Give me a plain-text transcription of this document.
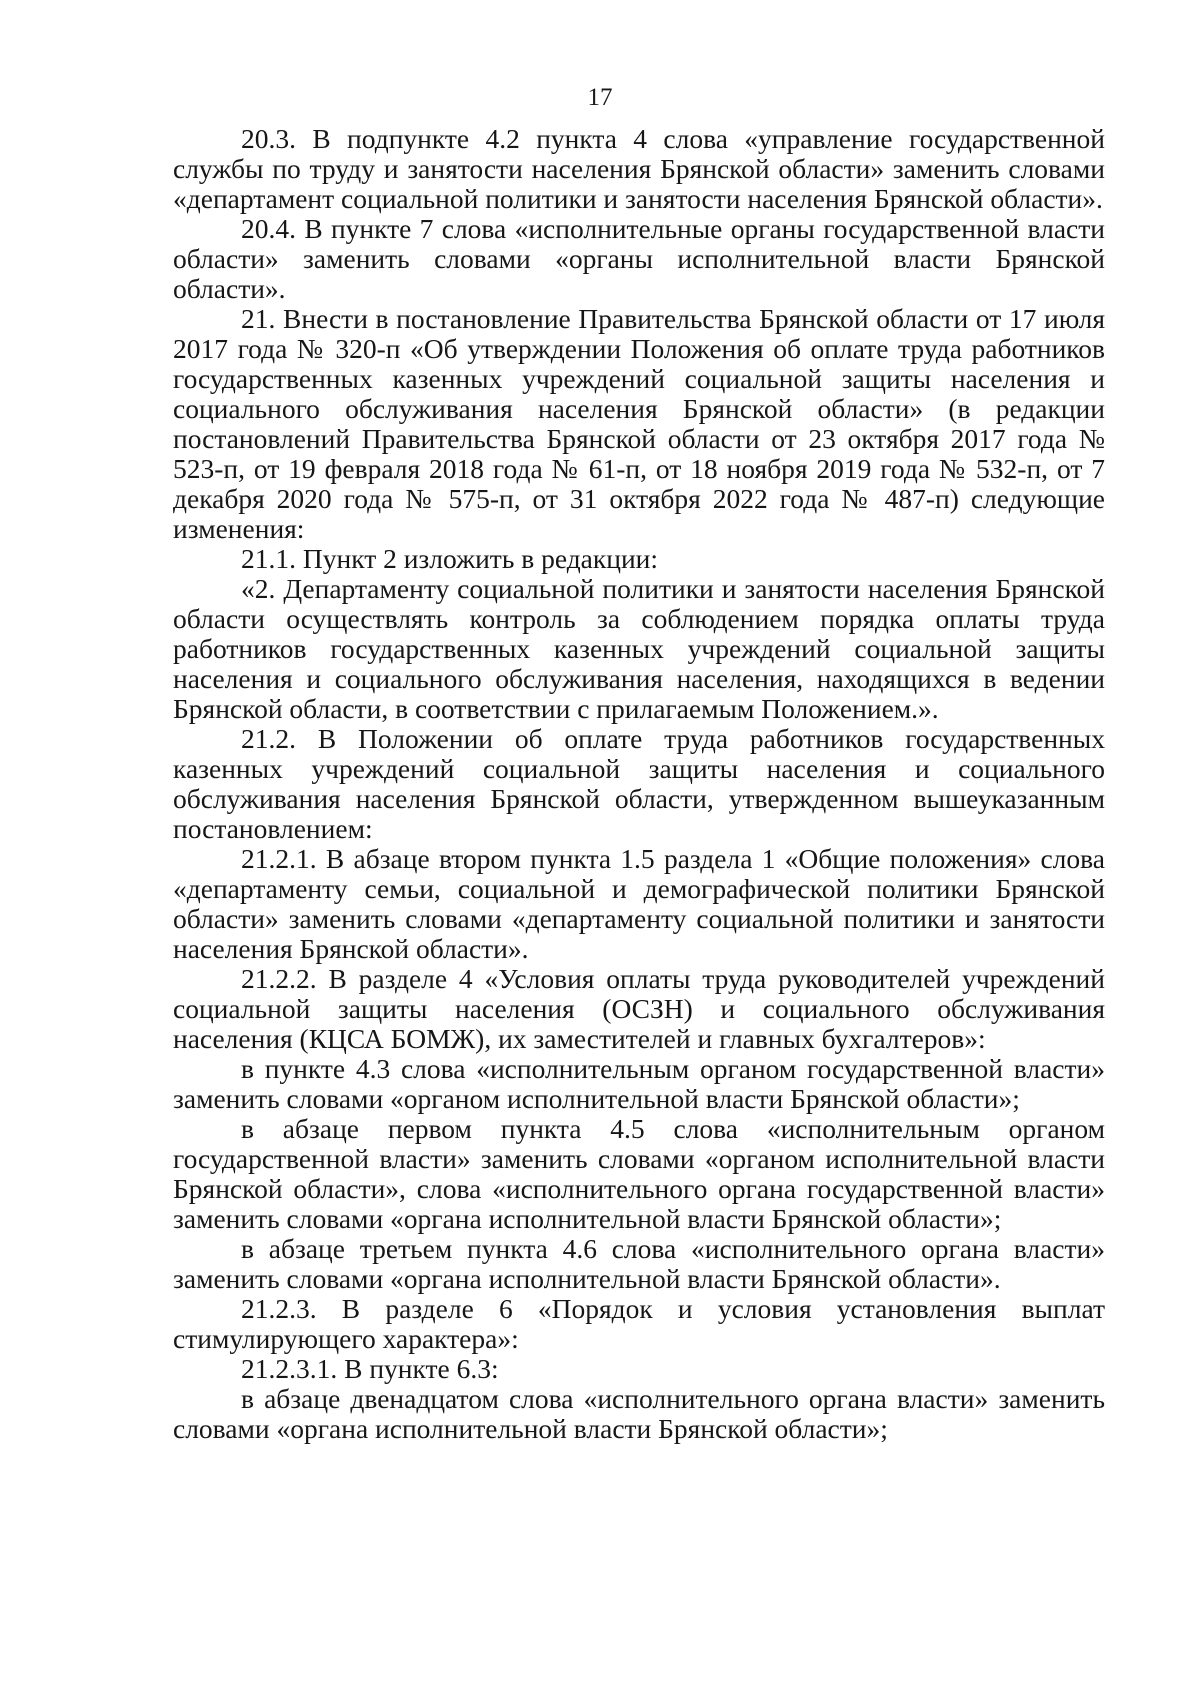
17

20.3. В подпункте 4.2 пункта 4 слова «управление государственной службы по труду и занятости населения Брянской области» заменить словами «департамент социальной политики и занятости населения Брянской области».

20.4. В пункте 7 слова «исполнительные органы государственной власти области» заменить словами «органы исполнительной власти Брянской области».

21. Внести в постановление Правительства Брянской области от 17 июля 2017 года № 320-п «Об утверждении Положения об оплате труда работников государственных казенных учреждений социальной защиты населения и социального обслуживания населения Брянской области» (в редакции постановлений Правительства Брянской области от 23 октября 2017 года № 523-п, от 19 февраля 2018 года № 61-п, от 18 ноября 2019 года № 532-п, от 7 декабря 2020 года № 575-п, от 31 октября 2022 года № 487-п) следующие изменения:

21.1. Пункт 2 изложить в редакции:

«2. Департаменту социальной политики и занятости населения Брянской области осуществлять контроль за соблюдением порядка оплаты труда работников государственных казенных учреждений социальной защиты населения и социального обслуживания населения, находящихся в ведении Брянской области, в соответствии с прилагаемым Положением.».

21.2. В Положении об оплате труда работников государственных казенных учреждений социальной защиты населения и социального обслуживания населения Брянской области, утвержденном вышеуказанным постановлением:

21.2.1. В абзаце втором пункта 1.5 раздела 1 «Общие положения» слова «департаменту семьи, социальной и демографической политики Брянской области» заменить словами «департаменту социальной политики и занятости населения Брянской области».

21.2.2. В разделе 4 «Условия оплаты труда руководителей учреждений социальной защиты населения (ОСЗН) и социального обслуживания населения (КЦСА БОМЖ), их заместителей и главных бухгалтеров»:

в пункте 4.3 слова «исполнительным органом государственной власти» заменить словами «органом исполнительной власти Брянской области»;

в абзаце первом пункта 4.5 слова «исполнительным органом государственной власти» заменить словами «органом исполнительной власти Брянской области», слова «исполнительного органа государственной власти» заменить словами «органа исполнительной власти Брянской области»;

в абзаце третьем пункта 4.6 слова «исполнительного органа власти» заменить словами «органа исполнительной власти Брянской области».

21.2.3. В разделе 6 «Порядок и условия установления выплат стимулирующего характера»:

21.2.3.1. В пункте 6.3:

в абзаце двенадцатом слова «исполнительного органа власти» заменить словами «органа исполнительной власти Брянской области»;
